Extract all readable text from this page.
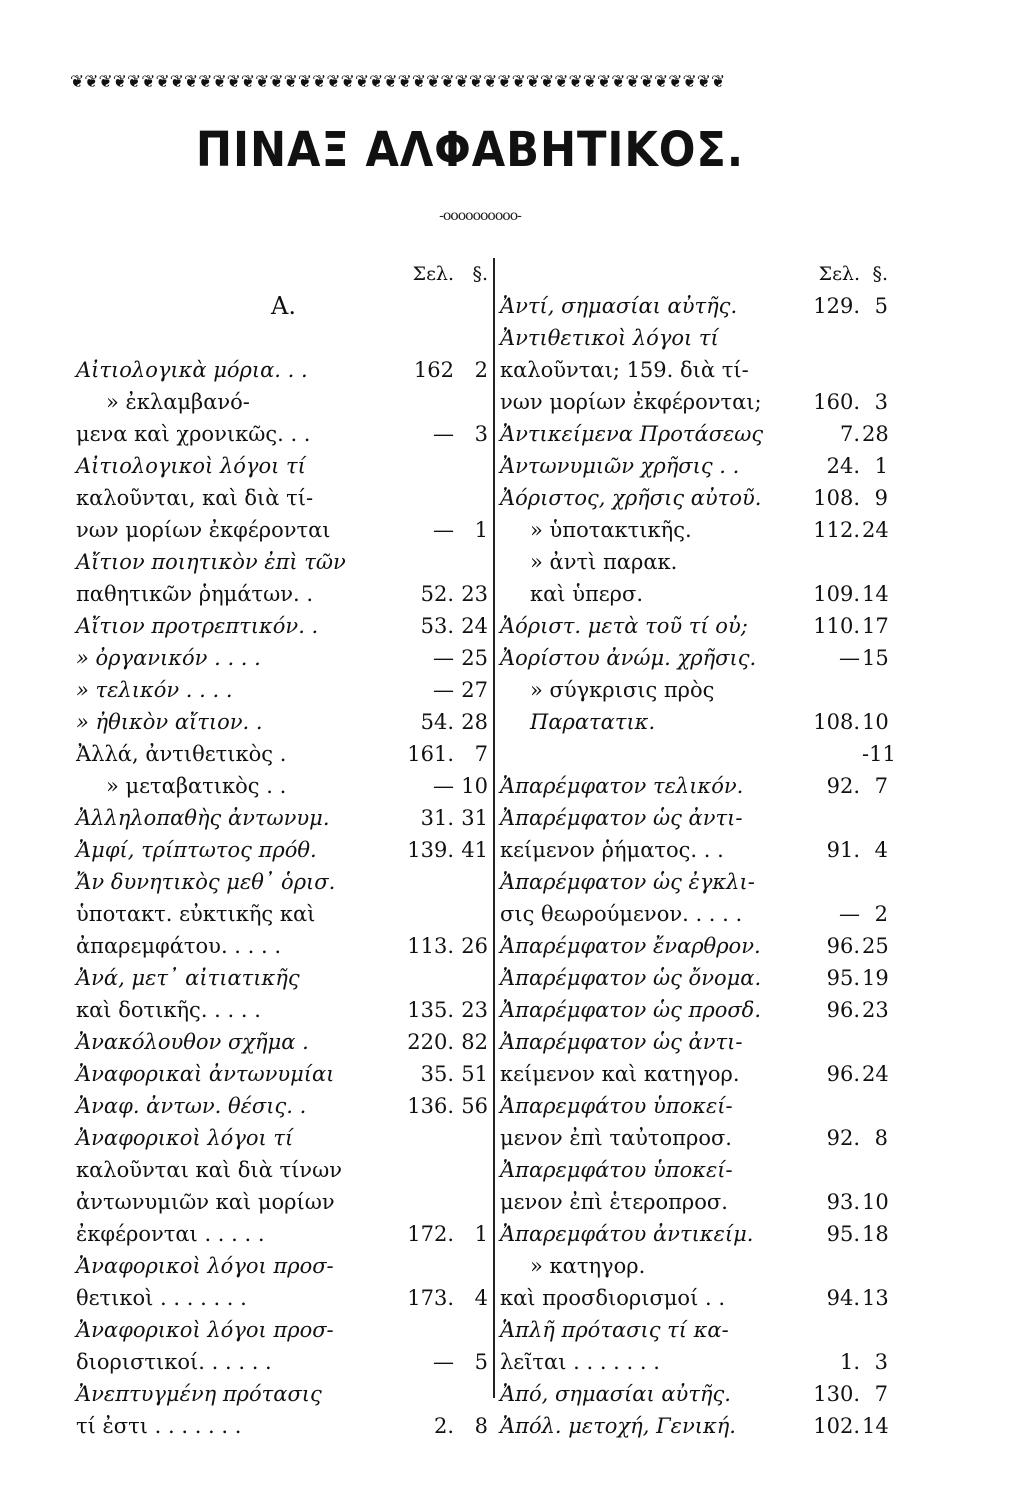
❦❦❦❦❦❦❦❦❦❦❦❦❦❦❦❦❦❦❦❦❦❦❦❦❦❦❦❦❦❦❦❦❦❦❦❦❦❦❦❦❦❦❦❦❦❦
ΠΙΝΑΞ ΑΛΦΑΒΗΤΙΚΟΣ.
-oooooooooo-
Σελ. §.
Α.
Αἰτιολογικὰ μόρια. . .	162 2
» ἐκλαμβανό-
μενα καὶ χρονικῶς. . .	— 3
Αἰτιολογικοὶ λόγοι τί
καλοῦνται, καὶ διὰ τί-
νων μορίων ἐκφέρονται	— 1
Αἴτιον ποιητικὸν ἐπὶ τῶν
παθητικῶν ῥημάτων. .	52. 23
Αἴτιον προτρεπτικόν. .	53. 24
» ὀργανικόν . . . .	— 25
» τελικόν . . . .	— 27
» ἠθικὸν αἴτιον. .	54. 28
Ἀλλά, ἀντιθετικὸς .	161. 7
» μεταβατικὸς . .	— 10
Ἀλληλοπαθὴς ἀντωνυμ.	31. 31
Ἀμφί, τρίπτωτος πρόθ.	139. 41
Ἄν δυνητικὸς μεθ᾽ ὁρισ.
ὑποτακτ. εὐκτικῆς καὶ
ἀπαρεμφάτου. . . . .	113. 26
Ἀνά, μετ᾽ αἰτιατικῆς
καὶ δοτικῆς. . . . .	135. 23
Ἀνακόλουθον σχῆμα .	220. 82
Ἀναφορικαὶ ἀντωνυμίαι	35. 51
Ἀναφ. ἀντων. θέσις. .	136. 56
Ἀναφορικοὶ λόγοι τί
καλοῦνται καὶ διὰ τίνων
ἀντωνυμιῶν καὶ μορίων
ἐκφέρονται . . . . .	172. 1
Ἀναφορικοὶ λόγοι προσ-
θετικοὶ . . . . . . .	173. 4
Ἀναφορικοὶ λόγοι προσ-
διοριστικοί. . . . . .	— 5
Ἀνεπτυγμένη πρότασις
τί ἐστι . . . . . . .	2. 8
Σελ. §.
Ἀντί, σημασίαι αὐτῆς.	129. 5
Ἀντιθετικοὶ λόγοι τί
καλοῦνται; 159. διὰ τί-
νων μορίων ἐκφέρονται;	160. 3
Ἀντικείμενα Προτάσεως	7. 28
Ἀντωνυμιῶν χρῆσις . .	24. 1
Ἀόριστος, χρῆσις αὐτοῦ.	108. 9
» ὑποτακτικῆς.	112. 24
» ἀντὶ παρακ.
καὶ ὑπερσ.	109. 14
Ἀόριστ. μετὰ τοῦ τί οὐ;	110. 17
Ἀορίστου ἀνώμ. χρῆσις.	— 15
» σύγκρισις πρὸς
Παρατατικ.	108. 10
-11
Ἀπαρέμφατον τελικόν.	92. 7
Ἀπαρέμφατον ὡς ἀντι-
κείμενον ῥήματος. . .	91. 4
Ἀπαρέμφατον ὡς ἐγκλι-
σις θεωρούμενον. . . . .	— 2
Ἀπαρέμφατον ἔναρθρον.	96. 25
Ἀπαρέμφατον ὡς ὄνομα.	95. 19
Ἀπαρέμφατον ὡς προσδ.	96. 23
Ἀπαρέμφατον ὡς ἀντι-
κείμενον καὶ κατηγορ.	96. 24
Ἀπαρεμφάτου ὑποκεί-
μενον ἐπὶ ταὐτοπροσ.	92. 8
Ἀπαρεμφάτου ὑποκεί-
μενον ἐπὶ ἑτεροπροσ.	93. 10
Ἀπαρεμφάτου ἀντικείμ.	95. 18
» κατηγορ.
καὶ προσδιορισμοί . .	94. 13
Ἁπλῆ πρότασις τί κα-
λεῖται . . . . . . .	1. 3
Ἀπό, σημασίαι αὐτῆς.	130. 7
Ἀπόλ. μετοχή, Γενική.	102. 14
